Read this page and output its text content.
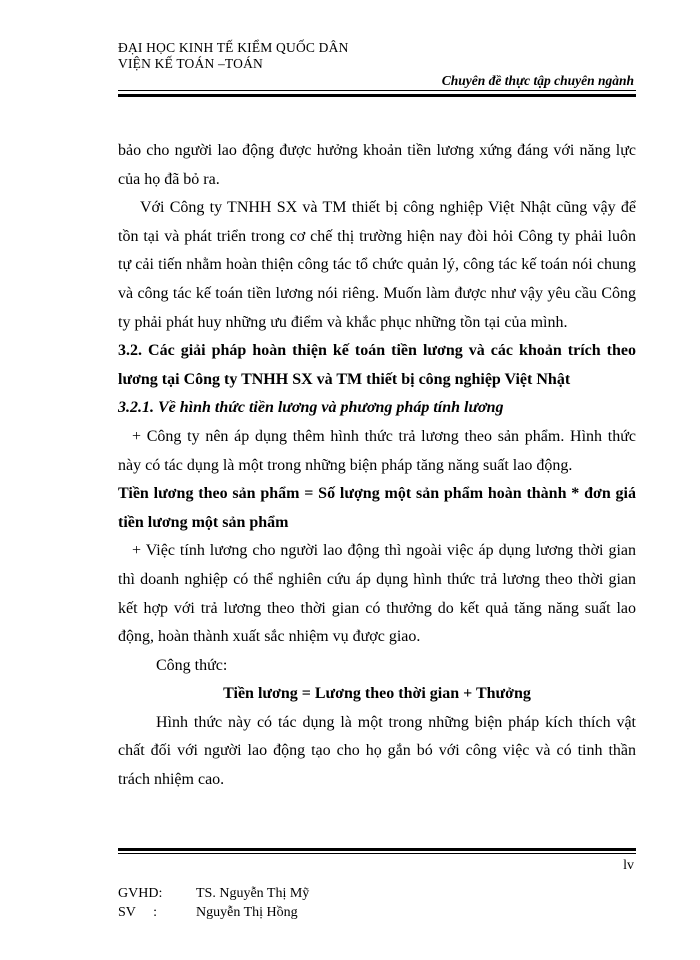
ĐẠI HỌC KINH TẾ KIỂM QUỐC DÂN
VIỆN KẾ TOÁN –TOÁN
Chuyên đề thực tập chuyên ngành

bảo cho người lao động được hưởng khoản tiền lương xứng đáng với năng lực của họ đã bỏ ra.

Với Công ty TNHH SX và TM thiết bị công nghiệp Việt Nhật cũng vậy để tồn tại và phát triển trong cơ chế thị trường hiện nay đòi hỏi Công ty phải luôn tự cải tiến nhằm hoàn thiện công tác tổ chức quản lý, công tác kế toán nói chung và công tác kế toán tiền lương nói riêng. Muốn làm được như vậy yêu cầu Công ty phải phát huy những ưu điểm và khắc phục những tồn tại của mình.

3.2. Các giải pháp hoàn thiện kế toán tiền lương và các khoản trích theo lương tại Công ty TNHH SX và TM thiết bị công nghiệp Việt Nhật

3.2.1. Về hình thức tiền lương và phương pháp tính lương

+ Công ty nên áp dụng thêm hình thức trả lương theo sản phẩm. Hình thức này có tác dụng là một trong những biện pháp tăng năng suất lao động.

Tiền lương theo sản phẩm = Số lượng một sản phẩm hoàn thành * đơn giá tiền lương một sản phẩm

+ Việc tính lương cho người lao động thì ngoài việc áp dụng lương thời gian thì doanh nghiệp có thể nghiên cứu áp dụng hình thức trả lương theo thời gian kết hợp với trả lương theo thời gian có thưởng do kết quả tăng năng suất lao động, hoàn thành xuất sắc nhiệm vụ được giao.

Công thức:

Tiền lương = Lương theo thời gian + Thưởng

Hình thức này có tác dụng là một trong những biện pháp kích thích vật chất đối với người lao động tạo cho họ gắn bó với công việc và có tinh thần trách nhiệm cao.

lv
GVHD: TS. Nguyễn Thị Mỹ
SV     :	Nguyễn Thị Hồng
